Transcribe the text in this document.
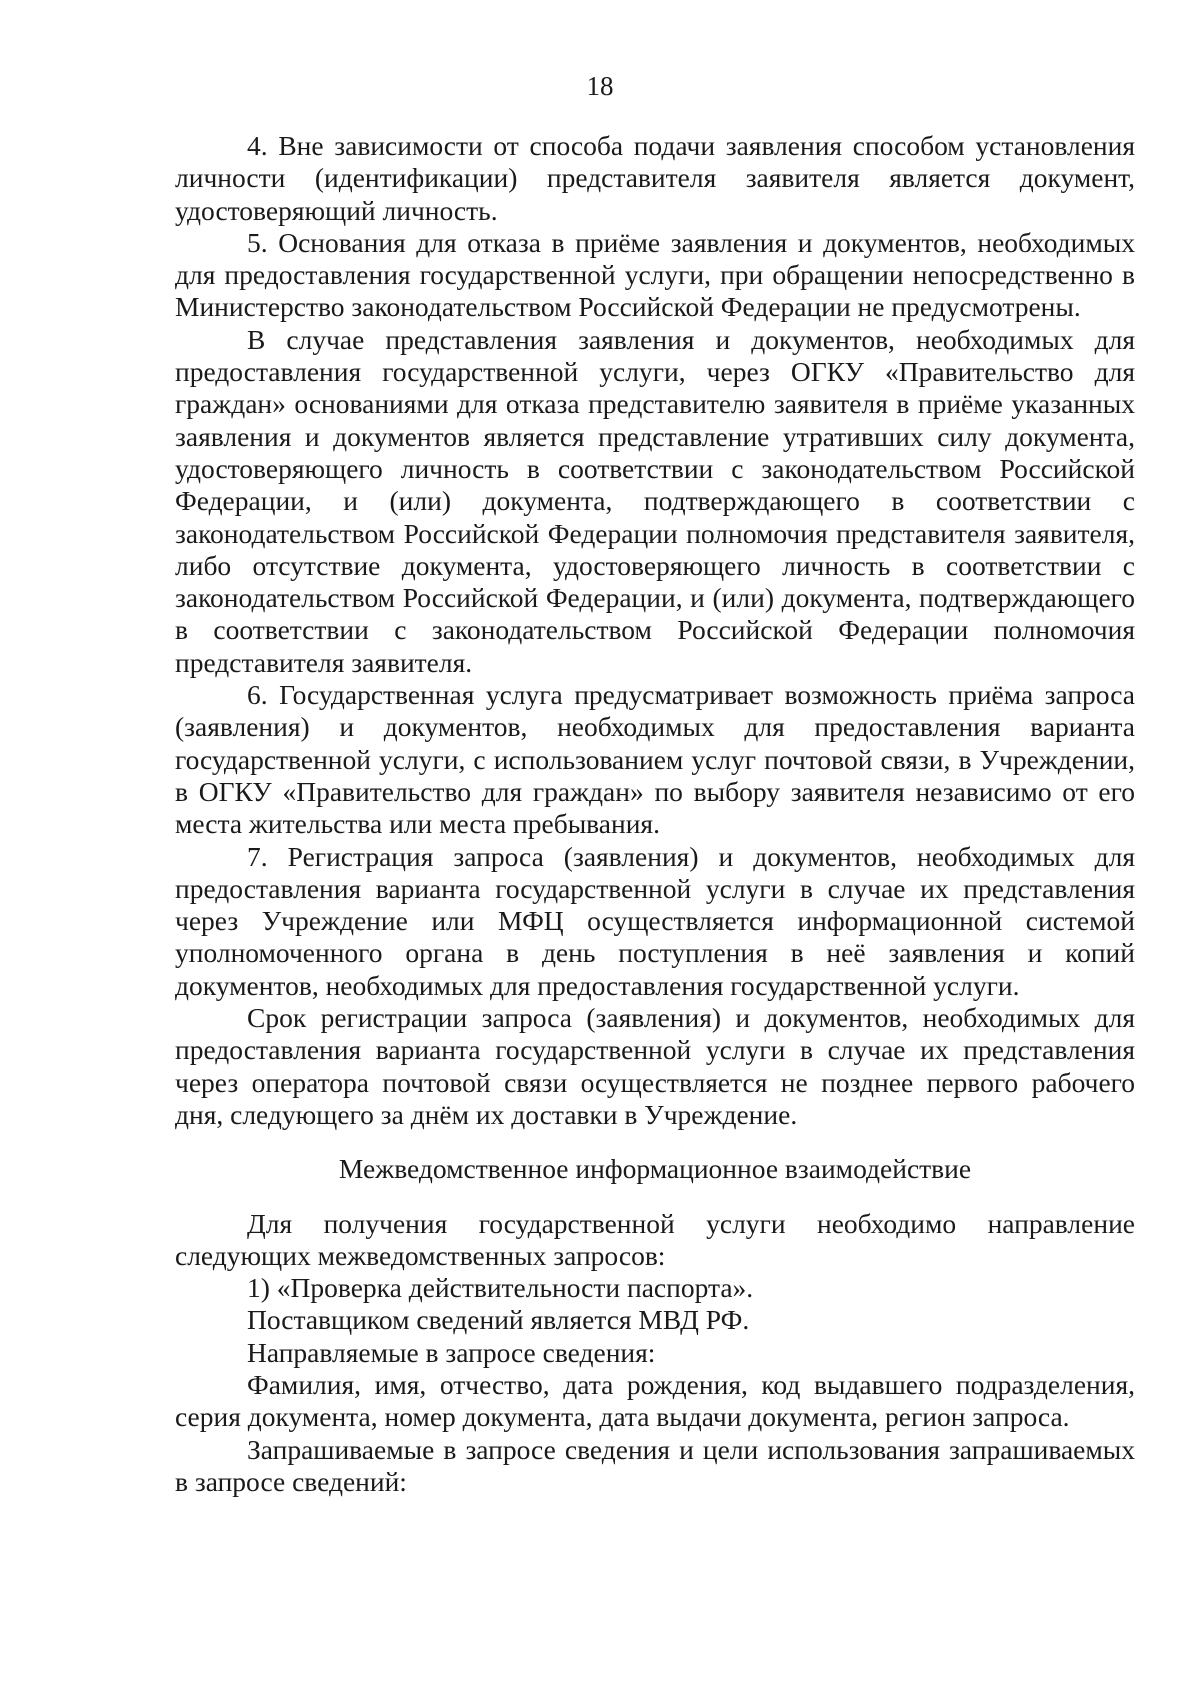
18

4. Вне зависимости от способа подачи заявления способом установления личности (идентификации) представителя заявителя является документ, удостоверяющий личность.

5. Основания для отказа в приёме заявления и документов, необходимых для предоставления государственной услуги, при обращении непосредственно в Министерство законодательством Российской Федерации не предусмотрены.

В случае представления заявления и документов, необходимых для предоставления государственной услуги, через ОГКУ «Правительство для граждан» основаниями для отказа представителю заявителя в приёме указанных заявления и документов является представление утративших силу документа, удостоверяющего личность в соответствии с законодательством Российской Федерации, и (или) документа, подтверждающего в соответствии с законодательством Российской Федерации полномочия представителя заявителя, либо отсутствие документа, удостоверяющего личность в соответствии с законодательством Российской Федерации, и (или) документа, подтверждающего в соответствии с законодательством Российской Федерации полномочия представителя заявителя.

6. Государственная услуга предусматривает возможность приёма запроса (заявления) и документов, необходимых для предоставления варианта государственной услуги, с использованием услуг почтовой связи, в Учреждении, в ОГКУ «Правительство для граждан» по выбору заявителя независимо от его места жительства или места пребывания.

7. Регистрация запроса (заявления) и документов, необходимых для предоставления варианта государственной услуги в случае их представления через Учреждение или МФЦ осуществляется информационной системой уполномоченного органа в день поступления в неё заявления и копий документов, необходимых для предоставления государственной услуги.

Срок регистрации запроса (заявления) и документов, необходимых для предоставления варианта государственной услуги в случае их представления через оператора почтовой связи осуществляется не позднее первого рабочего дня, следующего за днём их доставки в Учреждение.

Межведомственное информационное взаимодействие

Для получения государственной услуги необходимо направление следующих межведомственных запросов:

1) «Проверка действительности паспорта».

Поставщиком сведений является МВД РФ.

Направляемые в запросе сведения:

Фамилия, имя, отчество, дата рождения, код выдавшего подразделения, серия документа, номер документа, дата выдачи документа, регион запроса.

Запрашиваемые в запросе сведения и цели использования запрашиваемых в запросе сведений:
